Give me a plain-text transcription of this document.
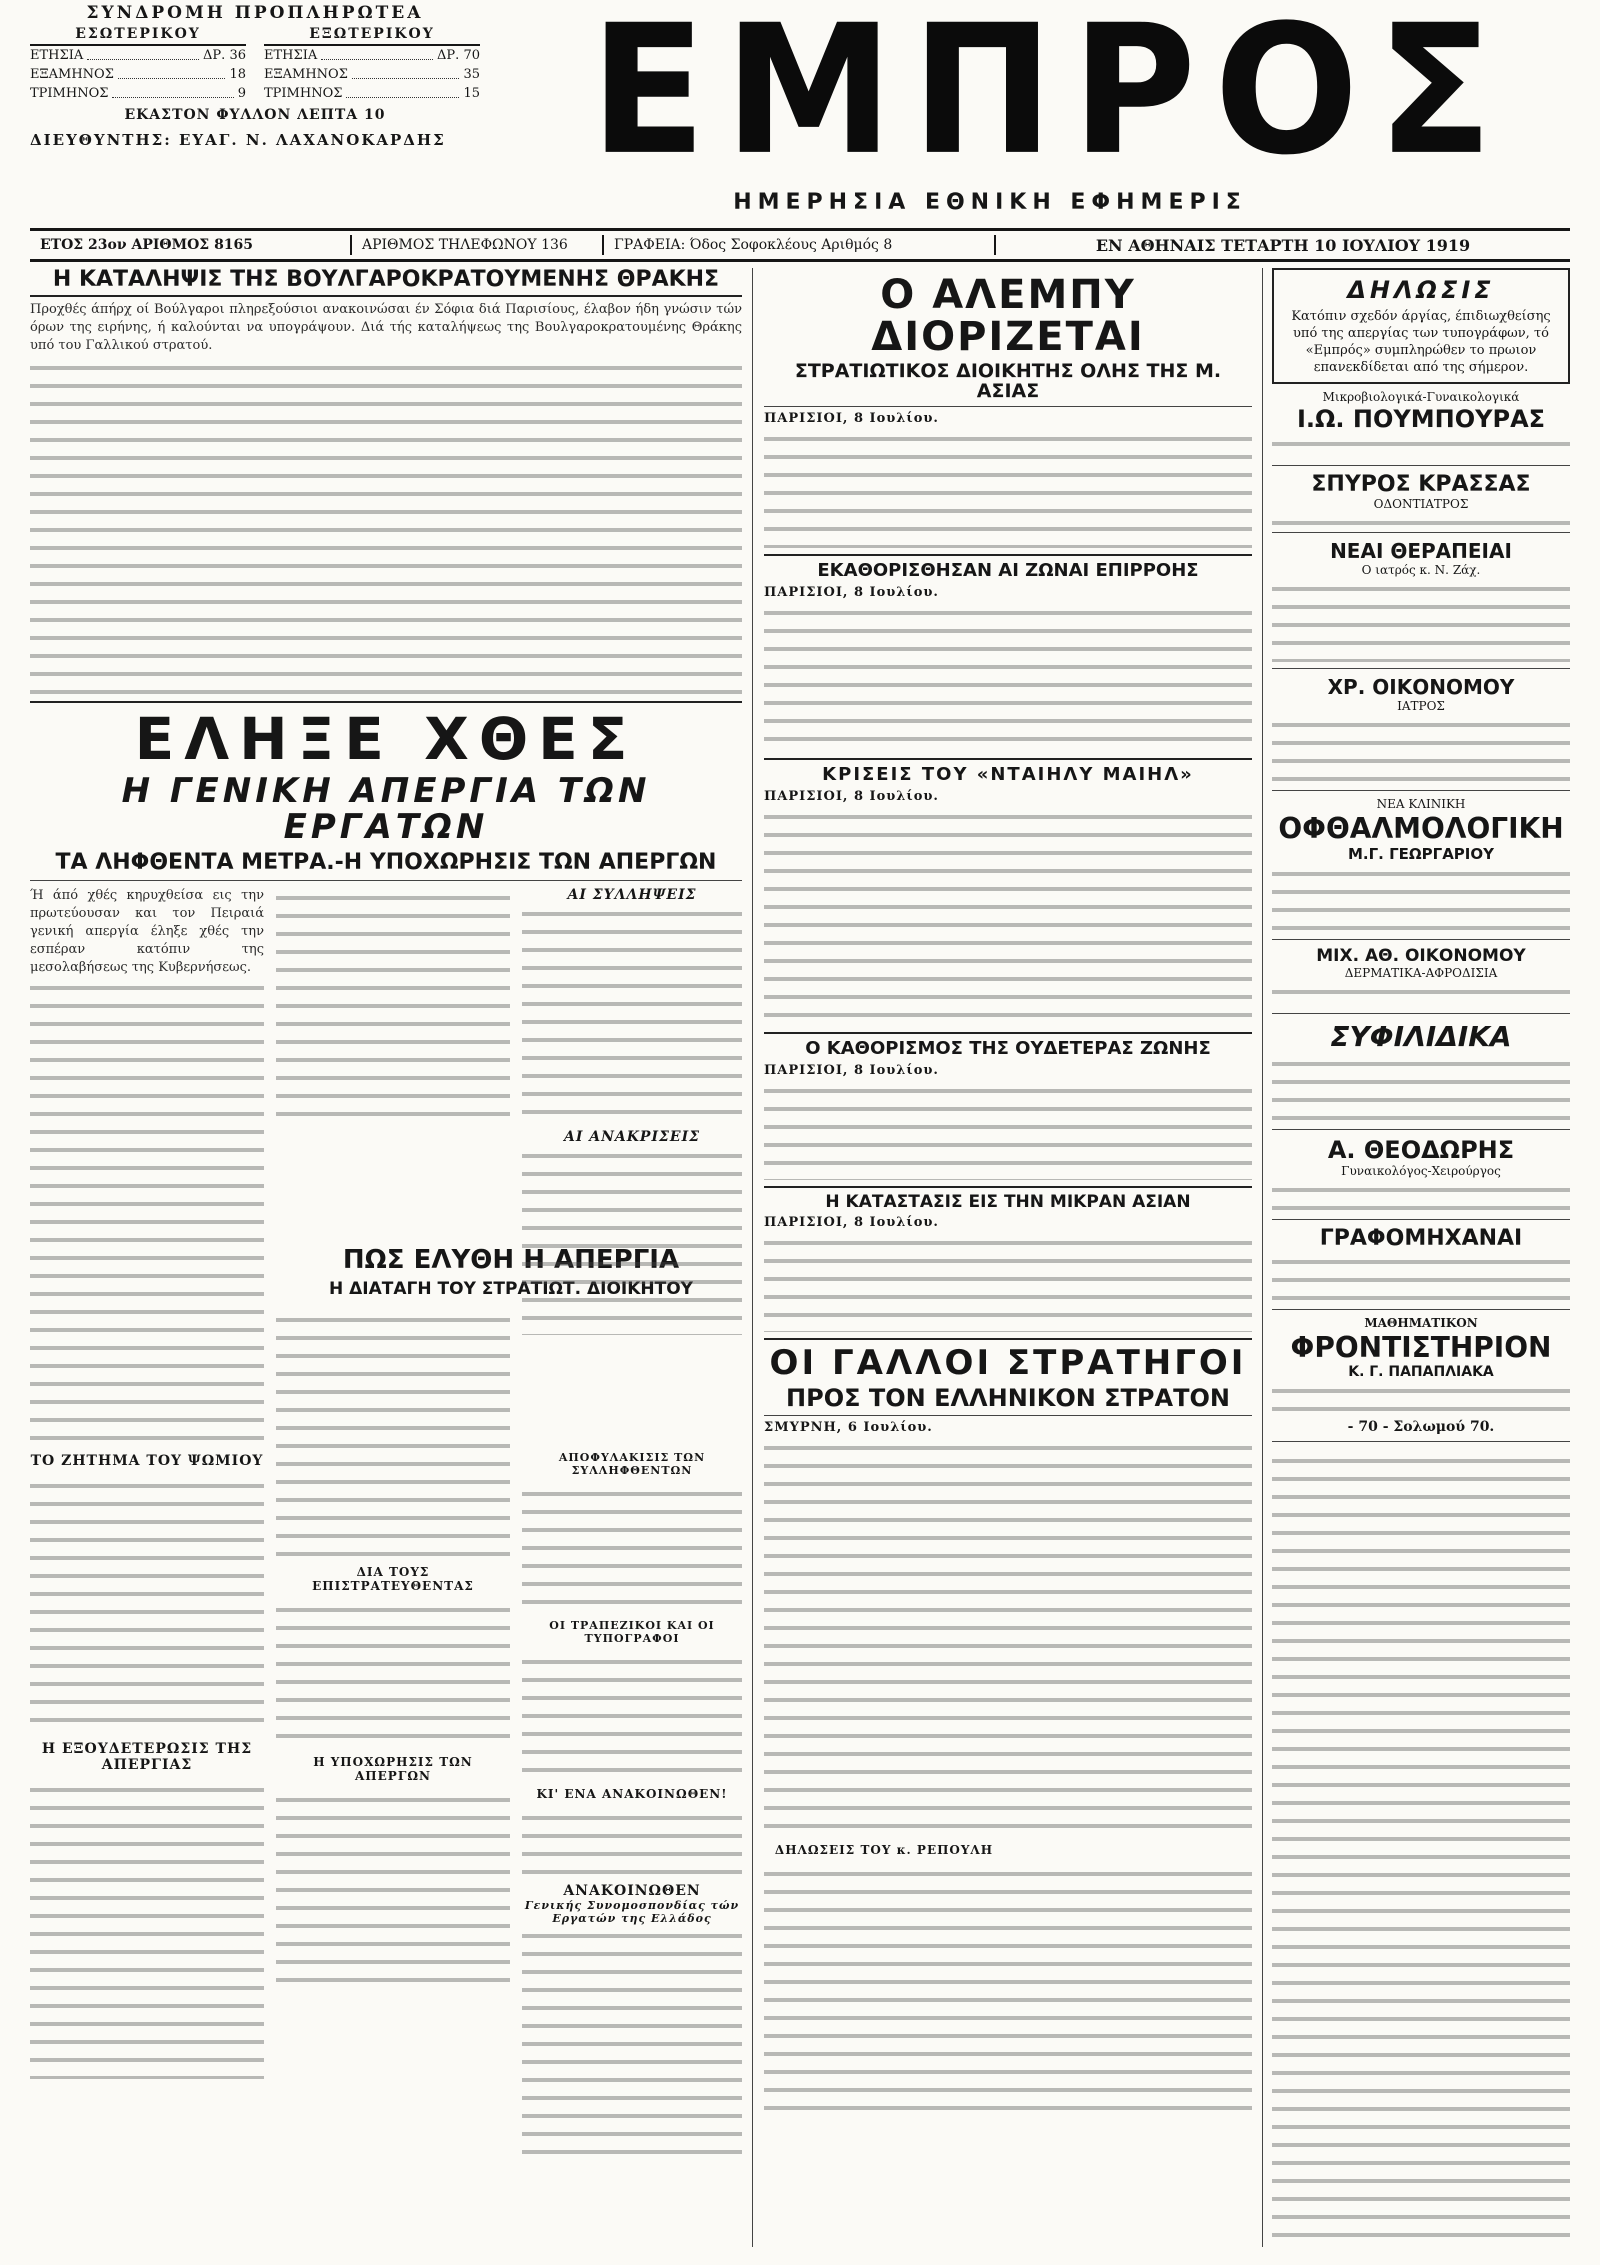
ΣΥΝΔΡΟΜΗ ΠΡΟΠΛΗΡΩΤΕΑ
ΕΣΩΤΕΡΙΚΟΥ
ΕΤΗΣΙΑ	ΔΡ. 36
ΕΞΑΜΗΝΟΣ	18
ΤΡΙΜΗΝΟΣ	9
ΕΞΩΤΕΡΙΚΟΥ
ΕΤΗΣΙΑ	ΔΡ. 70
ΕΞΑΜΗΝΟΣ	35
ΤΡΙΜΗΝΟΣ	15
ΕΚΑΣΤΟΝ ΦΥΛΛΟΝ ΛΕΠΤΑ 10
ΔΙΕΥΘΥΝΤΗΣ: ΕΥΑΓ. Ν. ΛΑΧΑΝΟΚΑΡΔΗΣ ΕΜΠΡΟΣ
ΗΜΕΡΗΣΙΑ ΕΘΝΙΚΗ ΕΦΗΜΕΡΙΣ
ΕΤΟΣ 23ον ΑΡΙΘΜΟΣ 8165	ΑΡΙΘΜΟΣ ΤΗΛΕΦΩΝΟΥ 136	ΓΡΑΦΕΙΑ: Όδος Σοφοκλέους Αριθμός 8	ΕΝ ΑΘΗΝΑΙΣ ΤΕΤΑΡΤΗ 10 ΙΟΥΛΙΟΥ 1919
Η ΚΑΤΑΛΗΨΙΣ ΤΗΣ ΒΟΥΛΓΑΡΟΚΡΑΤΟΥΜΕΝΗΣ ΘΡΑΚΗΣ
Προχθές άπήρχ οί Βούλγαροι πληρεξούσιοι ανακοινώσαι έν Σόφια διά Παρισίους, έλαβον ήδη γνώσιν τών όρων της ειρήνης, ή καλούνται να υπογράψουν. Διά τής καταλήψεως της Βουλγαροκρατουμένης Θράκης υπό του Γαλλικού στρατού.
ΕΛΗΞΕ ΧΘΕΣ
Η ΓΕΝΙΚΗ ΑΠΕΡΓΙΑ ΤΩΝ ΕΡΓΑΤΩΝ
ΤΑ ΛΗΦΘΕΝΤΑ ΜΕΤΡΑ.-Η ΥΠΟΧΩΡΗΣΙΣ ΤΩΝ ΑΠΕΡΓΩΝ
Ή άπό χθές κηρυχθείσα εις την πρωτεύουσαν και τον Πειραιά γενική απεργία έληξε χθές την εσπέραν κατόπιν της μεσολαβήσεως της Κυβερνήσεως.
ΤΟ ΖΗΤΗΜΑ ΤΟΥ ΨΩΜΙΟΥ
Η ΕΞΟΥΔΕΤΕΡΩΣΙΣ ΤΗΣ ΑΠΕΡΓΙΑΣ
ΠΩΣ ΕΛΥΘΗ Η ΑΠΕΡΓΙΑ
Η ΔΙΑΤΑΓΗ ΤΟΥ ΣΤΡΑΤΙΩΤ. ΔΙΟΙΚΗΤΟΥ
ΔΙΑ ΤΟΥΣ ΕΠΙΣΤΡΑΤΕΥΘΕΝΤΑΣ
Η ΥΠΟΧΩΡΗΣΙΣ ΤΩΝ ΑΠΕΡΓΩΝ
ΑΙ ΣΥΛΛΗΨΕΙΣ
ΑΙ ΑΝΑΚΡΙΣΕΙΣ
ΑΠΟΦΥΛΑΚΙΣΙΣ ΤΩΝ ΣΥΛΛΗΦΘΕΝΤΩΝ
ΟΙ ΤΡΑΠΕΖΙΚΟΙ ΚΑΙ ΟΙ ΤΥΠΟΓΡΑΦΟΙ
ΚΙ' ΕΝΑ ΑΝΑΚΟΙΝΩΘΕΝ!
ΑΝΑΚΟΙΝΩΘΕΝ
Γενικής Συνομοσπονδίας τών Εργατών της Ελλάδος
Ο ΑΛΕΜΠΥ ΔΙΟΡΙΖΕΤΑΙ
ΣΤΡΑΤΙΩΤΙΚΟΣ ΔΙΟΙΚΗΤΗΣ ΟΛΗΣ ΤΗΣ Μ. ΑΣΙΑΣ
ΠΑΡΙΣΙΟΙ, 8 Ιουλίου.
ΕΚΑΘΟΡΙΣΘΗΣΑΝ ΑΙ ΖΩΝΑΙ ΕΠΙΡΡΟΗΣ
ΠΑΡΙΣΙΟΙ, 8 Ιουλίου.
ΚΡΙΣΕΙΣ ΤΟΥ «ΝΤΑΙΗΛΥ ΜΑΙΗΛ»
ΠΑΡΙΣΙΟΙ, 8 Ιουλίου.
Ο ΚΑΘΟΡΙΣΜΟΣ ΤΗΣ ΟΥΔΕΤΕΡΑΣ ΖΩΝΗΣ
ΠΑΡΙΣΙΟΙ, 8 Ιουλίου.
Η ΚΑΤΑΣΤΑΣΙΣ ΕΙΣ ΤΗΝ ΜΙΚΡΑΝ ΑΣΙΑΝ
ΠΑΡΙΣΙΟΙ, 8 Ιουλίου.
ΟΙ ΓΑΛΛΟΙ ΣΤΡΑΤΗΓΟΙ
ΠΡΟΣ ΤΟΝ ΕΛΛΗΝΙΚΟΝ ΣΤΡΑΤΟΝ
ΣΜΥΡΝΗ, 6 Ιουλίου.
ΔΗΛΩΣΕΙΣ ΤΟΥ κ. ΡΕΠΟΥΛΗ
ΔΗΛΩΣΙΣ
Κατόπιν σχεδόν άργίας, έπιδιωχθείσης υπό της απεργίας των τυπογράφων, τό «Εμπρός» συμπληρώθεν το πρωιον επανεκδίδεται από της σήμερον.
Μικροβιολογικά-Γυναικολογικά
Ι.Ω. ΠΟΥΜΠΟΥΡΑΣ
ΣΠΥΡΟΣ ΚΡΑΣΣΑΣ
ΟΔΟΝΤΙΑΤΡΟΣ
ΝΕΑΙ ΘΕΡΑΠΕΙΑΙ
Ο ιατρός κ. Ν. Ζάχ.
ΧΡ. ΟΙΚΟΝΟΜΟΥ
ΙΑΤΡΟΣ
ΝΕΑ ΚΛΙΝΙΚΗ
ΟΦΘΑΛΜΟΛΟΓΙΚΗ
Μ.Γ. ΓΕΩΡΓΑΡΙΟΥ
ΜΙΧ. ΑΘ. ΟΙΚΟΝΟΜΟΥ
ΔΕΡΜΑΤΙΚΑ-ΑΦΡΟΔΙΣΙΑ
ΣΥΦΙΛΙΔΙΚΑ
Α. ΘΕΟΔΩΡΗΣ
Γυναικολόγος-Χειρούργος
ΓΡΑΦΟΜΗΧΑΝΑΙ
ΜΑΘΗΜΑΤΙΚΟΝ
ΦΡΟΝΤΙΣΤΗΡΙΟΝ
Κ. Γ. ΠΑΠΑΠΛΙΑΚΑ
- 70 - Σολωμού 70.
